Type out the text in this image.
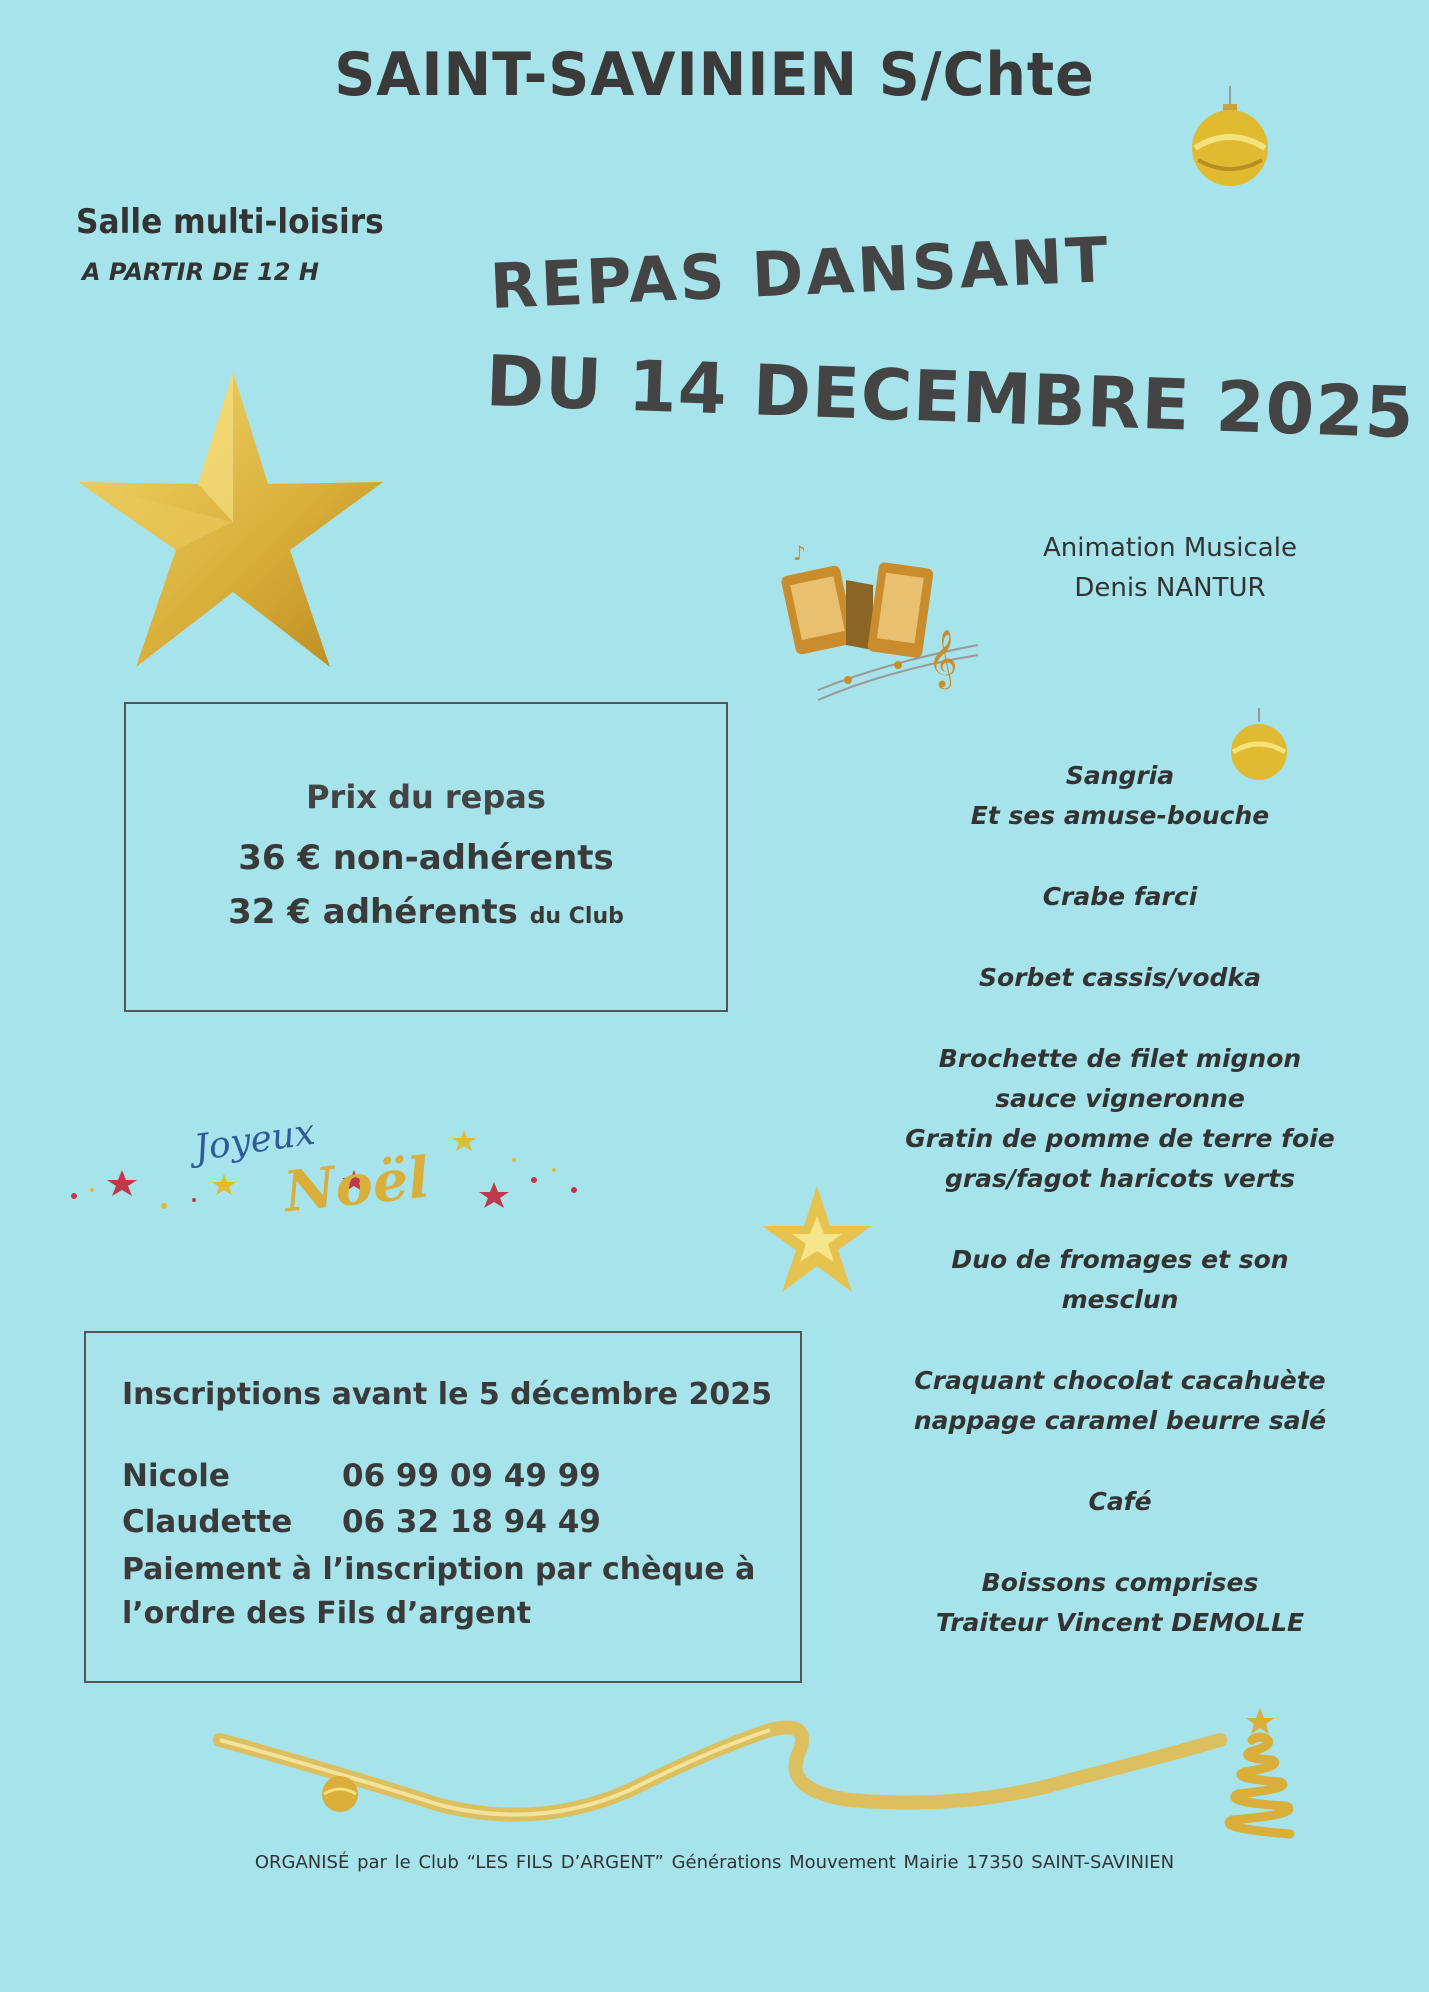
SAINT-SAVINIEN S/Chte
Salle multi-loisirs
A PARTIR DE 12 H	REPAS DANSANT
DU 14 DECEMBRE 2025
𝄞
♪	Animation Musicale
Denis NANTUR
Prix du repas
36 € non-adhérents
32 € adhérents du Club
Joyeux
Noël
Inscriptions avant le 5 décembre 2025
Nicole	06 99 09 49 99
Claudette	06 32 18 94 49
Paiement à l’inscription par chèque à l’ordre des Fils d’argent
Sangria
Et ses amuse-bouche
Crabe farci
Sorbet cassis/vodka
Brochette de filet mignon
sauce vigneronne
Gratin de pomme de terre foie
gras/fagot haricots verts
Duo de fromages et son
mesclun
Craquant chocolat cacahuète
nappage caramel beurre salé
Café
Boissons comprises
Traiteur Vincent DEMOLLE
ORGANISÉ par le Club “LES FILS D’ARGENT” Générations Mouvement Mairie 17350 SAINT-SAVINIEN
